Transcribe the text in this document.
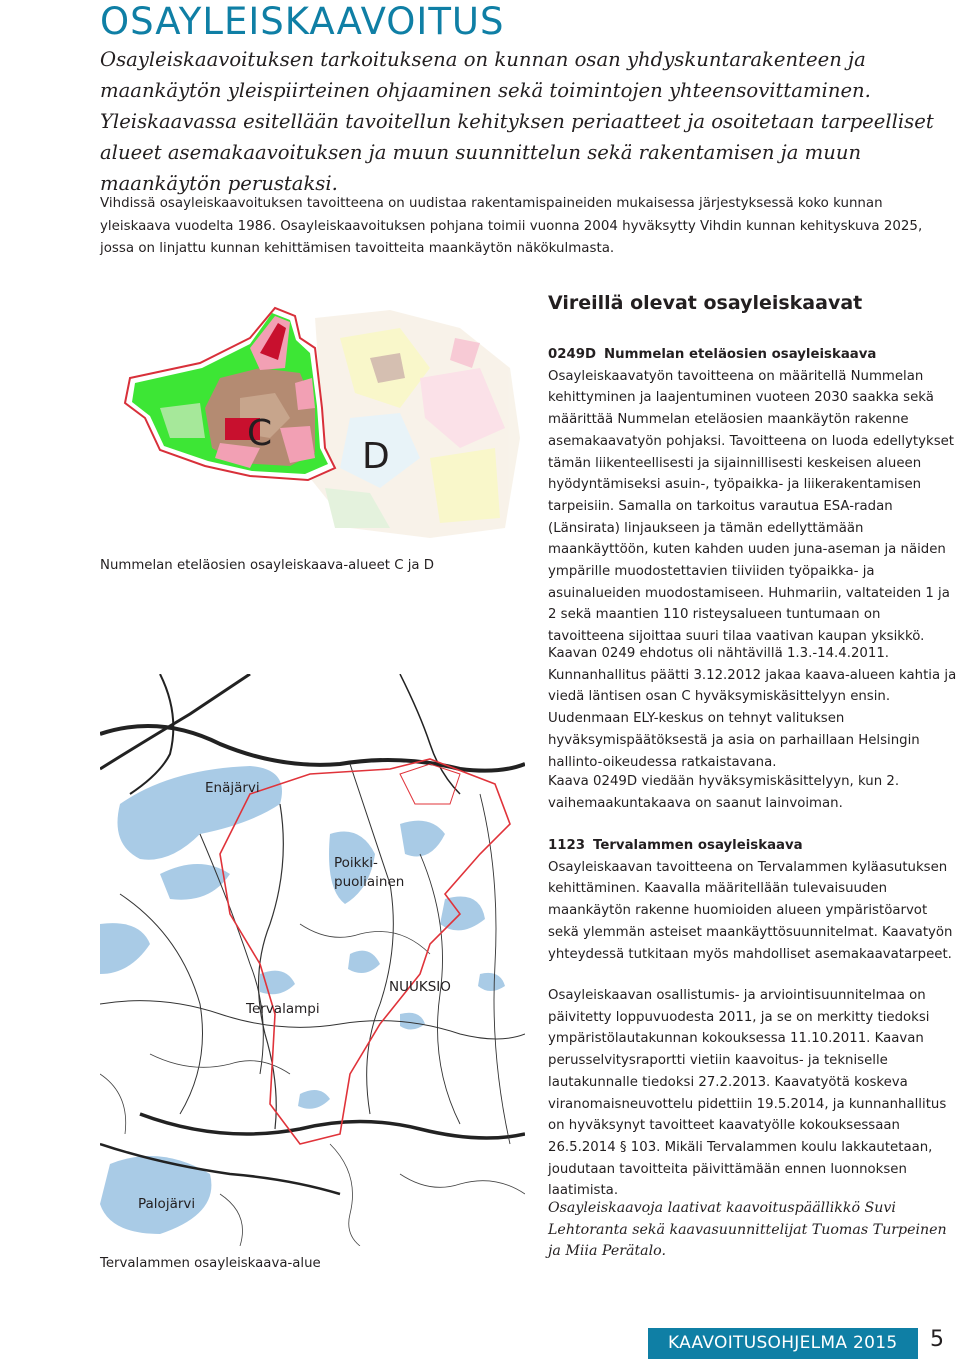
OSAYLEISKAAVOITUS

Osayleiskaavoituksen tarkoituksena on kunnan osan yhdyskuntarakenteen ja maankäytön yleispiirteinen ohjaaminen sekä toimintojen yhteensovittaminen. Yleiskaavassa esitellään tavoitellun kehityksen periaatteet ja osoitetaan tarpeelliset alueet asemakaavoituksen ja muun suunnittelun sekä rakentamisen ja muun maankäytön perustaksi.

Vihdissä osayleiskaavoituksen tavoitteena on uudistaa rakentamispaineiden mukaisessa järjestyksessä koko kunnan yleiskaava vuodelta 1986. Osayleiskaavoituksen pohjana toimii vuonna 2004 hyväksytty Vihdin kunnan kehityskuva 2025, jossa on linjattu kunnan kehittämisen tavoitteita maankäytön näkökulmasta.

Vireillä olevat osayleiskaavat
C
D
Nummelan eteläosien osayleiskaava-alueet C ja D
Enäjärvi
Poikki-
puoliainen
NUUKSIO
Tervalampi
Palojärvi
Tervalammen osayleiskaava-alue
0249D Nummelan eteläosien osayleiskaava
Osayleiskaavatyön tavoitteena on määritellä Nummelan kehittyminen ja laajentuminen vuoteen 2030 saakka sekä määrittää Nummelan eteläosien maankäytön rakenne asemakaavatyön pohjaksi. Tavoitteena on luoda edellytykset tämän liikenteellisesti ja sijainnillisesti keskeisen alueen hyödyntämiseksi asuin-, työpaikka- ja liikerakentamisen tarpeisiin. Samalla on tarkoitus varautua ESA-radan (Länsirata) linjaukseen ja tämän edellyttämään maankäyttöön, kuten kahden uuden juna-aseman ja näiden ympärille muodostettavien tiiviiden työpaikka- ja asuinalueiden muodostamiseen. Huhmariin, valtateiden 1 ja 2 sekä maantien 110 risteysalueen tuntumaan on tavoitteena sijoittaa suuri tilaa vaativan kaupan yksikkö.
Kaavan 0249 ehdotus oli nähtävillä 1.3.-14.4.2011. Kunnanhallitus päätti 3.12.2012 jakaa kaava-alueen kahtia ja viedä läntisen osan C hyväksymiskäsittelyyn ensin. Uudenmaan ELY-keskus on tehnyt valituksen hyväksymispäätöksestä ja asia on parhaillaan Helsingin hallinto-oikeudessa ratkaistavana.
Kaava 0249D viedään hyväksymiskäsittelyyn, kun 2. vaihemaakuntakaava on saanut lainvoiman.
1123 Tervalammen osayleiskaava
Osayleiskaavan tavoitteena on Tervalammen kyläasutuksen kehittäminen. Kaavalla määritellään tulevaisuuden maankäytön rakenne huomioiden alueen ympäristöarvot sekä ylemmän asteiset maankäyttösuunnitelmat. Kaavatyön yhteydessä tutkitaan myös mahdolliset asemakaavatarpeet.
Osayleiskaavan osallistumis- ja arviointisuunnitelmaa on päivitetty loppuvuodesta 2011, ja se on merkitty tiedoksi ympäristölautakunnan kokouksessa 11.10.2011. Kaavan perusselvitysraportti vietiin kaavoitus- ja tekniselle lautakunnalle tiedoksi 27.2.2013. Kaavatyötä koskeva viranomaisneuvottelu pidettiin 19.5.2014, ja kunnanhallitus on hyväksynyt tavoitteet kaavatyölle kokouksessaan 26.5.2014 § 103. Mikäli Tervalammen koulu lakkautetaan, joudutaan tavoitteita päivittämään ennen luonnoksen laatimista.
Osayleiskaavoja laativat kaavoituspäällikkö Suvi Lehtoranta sekä kaavasuunnittelijat Tuomas Turpeinen ja Miia Perätalo.
KAAVOITUSOHJELMA 2015 5
